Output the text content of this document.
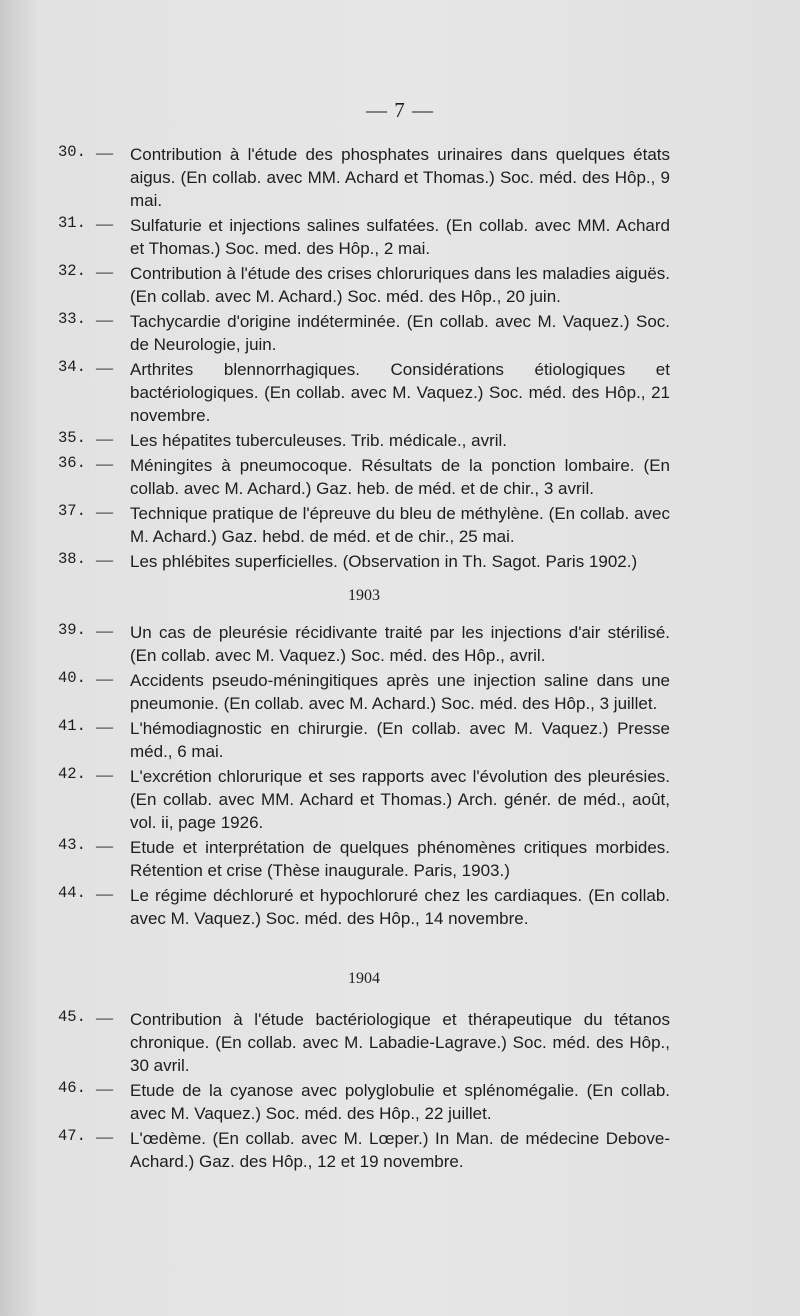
— 7 —
30. — Contribution à l'étude des phosphates urinaires dans quelques états aigus. (En collab. avec MM. Achard et Thomas.) Soc. méd. des Hôp., 9 mai.
31. — Sulfaturie et injections salines sulfatées. (En collab. avec MM. Achard et Thomas.) Soc. med. des Hôp., 2 mai.
32. — Contribution à l'étude des crises chloruriques dans les maladies aiguës. (En collab. avec M. Achard.) Soc. méd. des Hôp., 20 juin.
33. — Tachycardie d'origine indéterminée. (En collab. avec M. Vaquez.) Soc. de Neurologie, juin.
34. — Arthrites blennorrhagiques. Considérations étiologiques et bactériologiques. (En collab. avec M. Vaquez.) Soc. méd. des Hôp., 21 novembre.
35. — Les hépatites tuberculeuses. Trib. médicale., avril.
36. — Méningites à pneumocoque. Résultats de la ponction lombaire. (En collab. avec M. Achard.) Gaz. heb. de méd. et de chir., 3 avril.
37. — Technique pratique de l'épreuve du bleu de méthylène. (En collab. avec M. Achard.) Gaz. hebd. de méd. et de chir., 25 mai.
38. — Les phlébites superficielles. (Observation in Th. Sagot. Paris 1902.)
1903
39. — Un cas de pleurésie récidivante traité par les injections d'air stérilisé. (En collab. avec M. Vaquez.) Soc. méd. des Hôp., avril.
40. — Accidents pseudo-méningitiques après une injection saline dans une pneumonie. (En collab. avec M. Achard.) Soc. méd. des Hôp., 3 juillet.
41. — L'hémodiagnostic en chirurgie. (En collab. avec M. Vaquez.) Presse méd., 6 mai.
42. — L'excrétion chlorurique et ses rapports avec l'évolution des pleurésies. (En collab. avec MM. Achard et Thomas.) Arch. génér. de méd., août, vol. ii, page 1926.
43. — Etude et interprétation de quelques phénomènes critiques morbides. Rétention et crise (Thèse inaugurale. Paris, 1903.)
44. — Le régime déchloruré et hypochloruré chez les cardiaques. (En collab. avec M. Vaquez.) Soc. méd. des Hôp., 14 novembre.
1904
45. — Contribution à l'étude bactériologique et thérapeutique du tétanos chronique. (En collab. avec M. Labadie-Lagrave.) Soc. méd. des Hôp., 30 avril.
46. — Etude de la cyanose avec polyglobulie et splénomégalie. (En collab. avec M. Vaquez.) Soc. méd. des Hôp., 22 juillet.
47. — L'œdème. (En collab. avec M. Lœper.) In Man. de médecine Debove-Achard.) Gaz. des Hôp., 12 et 19 novembre.
